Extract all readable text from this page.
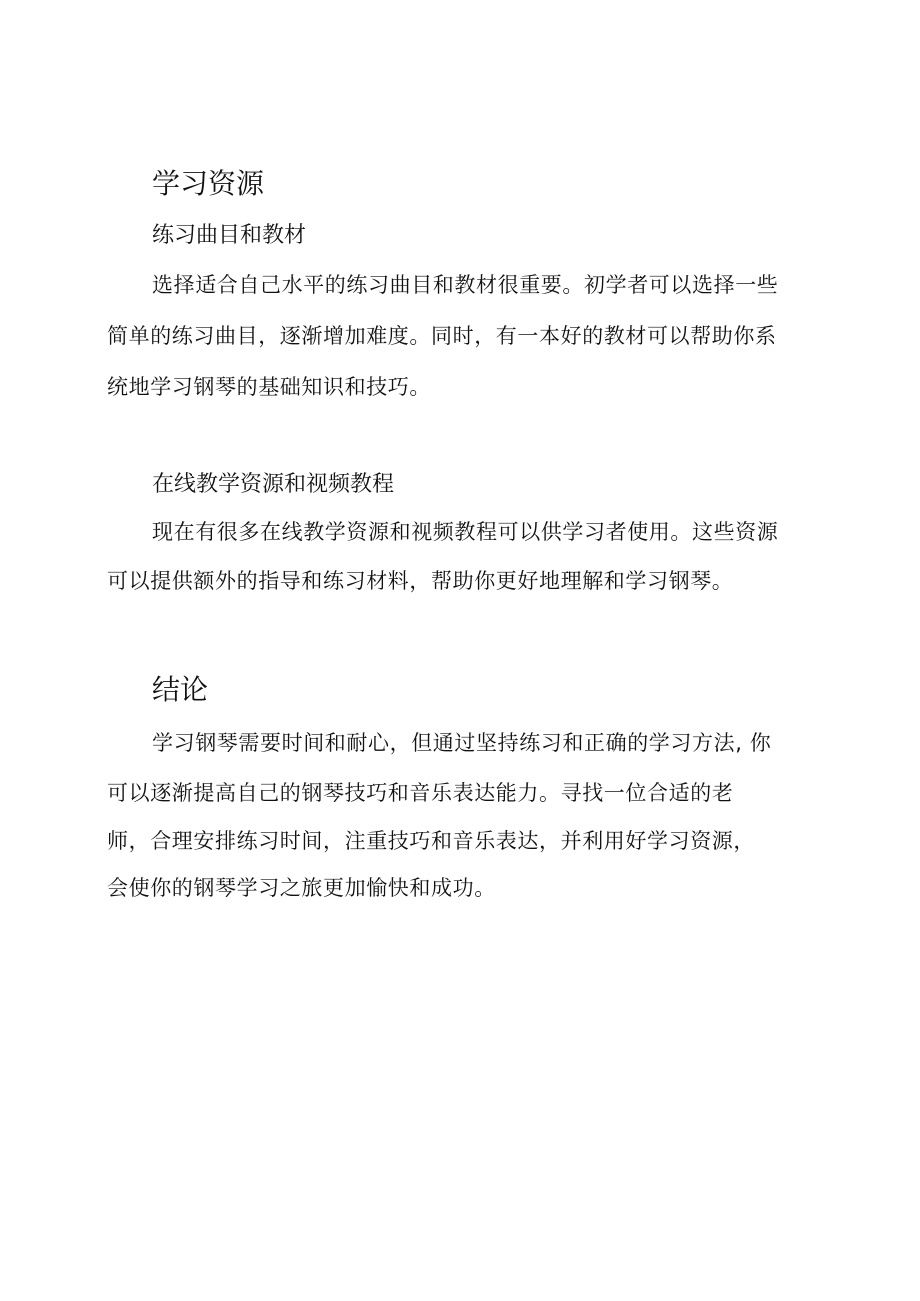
学习资源
练习曲目和教材

选择适合自己水平的练习曲目和教材很重要。初学者可以选择一些

简单的练习曲目，逐渐增加难度。同时，有一本好的教材可以帮助你系

统地学习钢琴的基础知识和技巧。

在线教学资源和视频教程

现在有很多在线教学资源和视频教程可以供学习者使用。这些资源

可以提供额外的指导和练习材料，帮助你更好地理解和学习钢琴。

结论

学习钢琴需要时间和耐心，但通过坚持练习和正确的学习方法, 你

可以逐渐提高自己的钢琴技巧和音乐表达能力。寻找一位合适的老

师，合理安排练习时间，注重技巧和音乐表达，并利用好学习资源，

会使你的钢琴学习之旅更加愉快和成功。
